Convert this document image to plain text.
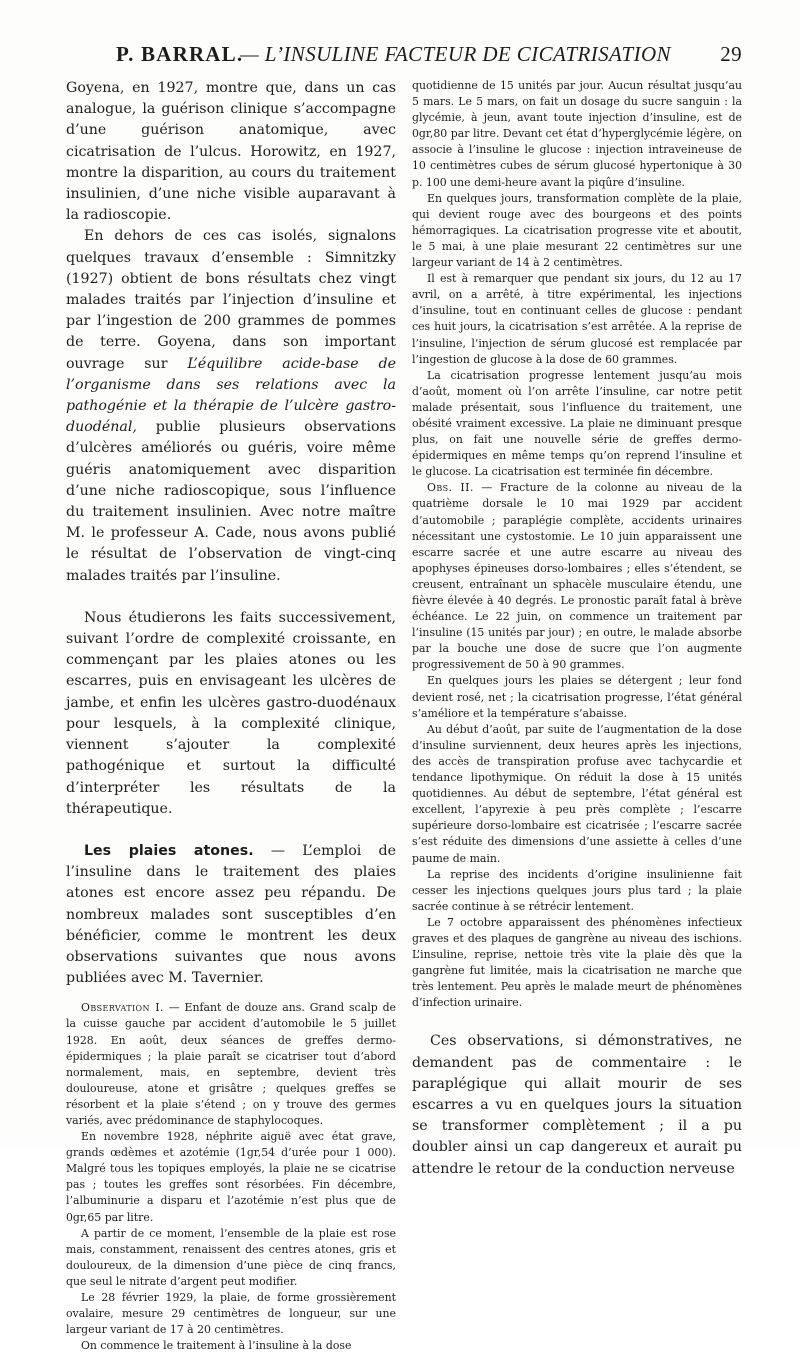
P. BARRAL.
— L’INSULINE FACTEUR DE CICATRISATION 29

Goyena, en 1927, montre que, dans un cas analogue, la guérison clinique s’accompagne d’une guérison anatomique, avec cicatrisation de l’ulcus. Horowitz, en 1927, montre la disparition, au cours du traitement insulinien, d’une niche visible auparavant à la radioscopie.

En dehors de ces cas isolés, signalons quelques travaux d’ensemble : Simnitzky (1927) obtient de bons résultats chez vingt malades traités par l’injection d’insuline et par l’ingestion de 200 grammes de pommes de terre. Goyena, dans son important ouvrage sur L’équilibre acide-base de l’organisme dans ses relations avec la pathogénie et la thérapie de l’ulcère gastro-duodénal, publie plusieurs observations d’ulcères améliorés ou guéris, voire même guéris anatomiquement avec disparition d’une niche radioscopique, sous l’influence du traitement insulinien. Avec notre maître M. le professeur A. Cade, nous avons publié le résultat de l’observation de vingt-cinq malades traités par l’insuline.

Nous étudierons les faits successivement, suivant l’ordre de complexité croissante, en commençant par les plaies atones ou les escarres, puis en envisageant les ulcères de jambe, et enfin les ulcères gastro-duodénaux pour lesquels, à la complexité clinique, viennent s’ajouter la complexité pathogénique et surtout la difficulté d’interpréter les résultats de la thérapeutique.

Les plaies atones. — L’emploi de l’insuline dans le traitement des plaies atones est encore assez peu répandu. De nombreux malades sont susceptibles d’en bénéficier, comme le montrent les deux observations suivantes que nous avons publiées avec M. Tavernier.

Observation I. — Enfant de douze ans. Grand scalp de la cuisse gauche par accident d’automobile le 5 juillet 1928. En août, deux séances de greffes dermo-épidermiques ; la plaie paraît se cicatriser tout d’abord normalement, mais, en septembre, devient très douloureuse, atone et grisâtre ; quelques greffes se résorbent et la plaie s’étend ; on y trouve des germes variés, avec prédominance de staphylocoques.

En novembre 1928, néphrite aiguë avec état grave, grands œdèmes et azotémie (1gr,54 d’urée pour 1 000). Malgré tous les topiques employés, la plaie ne se cicatrise pas ; toutes les greffes sont résorbées. Fin décembre, l’albuminurie a disparu et l’azotémie n’est plus que de 0gr,65 par litre.

A partir de ce moment, l’ensemble de la plaie est rose mais, constamment, renaissent des centres atones, gris et douloureux, de la dimension d’une pièce de cinq francs, que seul le nitrate d’argent peut modifier.

Le 28 février 1929, la plaie, de forme grossièrement ovalaire, mesure 29 centimètres de longueur, sur une largeur variant de 17 à 20 centimètres.

On commence le traitement à l’insuline à la dose

quotidienne de 15 unités par jour. Aucun résultat jusqu’au 5 mars. Le 5 mars, on fait un dosage du sucre sanguin : la glycémie, à jeun, avant toute injection d’insuline, est de 0gr,80 par litre. Devant cet état d’hyperglycémie légère, on associe à l’insuline le glucose : injection intraveineuse de 10 centimètres cubes de sérum glucosé hypertonique à 30 p. 100 une demi-heure avant la piqûre d’insuline.

En quelques jours, transformation complète de la plaie, qui devient rouge avec des bourgeons et des points hémorragiques. La cicatrisation progresse vite et aboutit, le 5 mai, à une plaie mesurant 22 centimètres sur une largeur variant de 14 à 2 centimètres.

Il est à remarquer que pendant six jours, du 12 au 17 avril, on a arrêté, à titre expérimental, les injections d’insuline, tout en continuant celles de glucose : pendant ces huit jours, la cicatrisation s’est arrêtée. A la reprise de l’insuline, l’injection de sérum glucosé est remplacée par l’ingestion de glucose à la dose de 60 grammes.

La cicatrisation progresse lentement jusqu’au mois d’août, moment où l’on arrête l’insuline, car notre petit malade présentait, sous l’influence du traitement, une obésité vraiment excessive. La plaie ne diminuant presque plus, on fait une nouvelle série de greffes dermo-épidermiques en même temps qu’on reprend l’insuline et le glucose. La cicatrisation est terminée fin décembre.

Obs. II. — Fracture de la colonne au niveau de la quatrième dorsale le 10 mai 1929 par accident d’automobile ; paraplégie complète, accidents urinaires nécessitant une cystostomie. Le 10 juin apparaissent une escarre sacrée et une autre escarre au niveau des apophyses épineuses dorso-lombaires ; elles s’étendent, se creusent, entraînant un sphacèle musculaire étendu, une fièvre élevée à 40 degrés. Le pronostic paraît fatal à brève échéance. Le 22 juin, on commence un traitement par l’insuline (15 unités par jour) ; en outre, le malade absorbe par la bouche une dose de sucre que l’on augmente progressivement de 50 à 90 grammes.

En quelques jours les plaies se détergent ; leur fond devient rosé, net ; la cicatrisation progresse, l’état général s’améliore et la température s’abaisse.

Au début d’août, par suite de l’augmentation de la dose d’insuline surviennent, deux heures après les injections, des accès de transpiration profuse avec tachycardie et tendance lipothymique. On réduit la dose à 15 unités quotidiennes. Au début de septembre, l’état général est excellent, l’apyrexie à peu près complète ; l’escarre supérieure dorso-lombaire est cicatrisée ; l’escarre sacrée s’est réduite des dimensions d’une assiette à celles d’une paume de main.

La reprise des incidents d’origine insulinienne fait cesser les injections quelques jours plus tard ; la plaie sacrée continue à se rétrécir lentement.

Le 7 octobre apparaissent des phénomènes infectieux graves et des plaques de gangrène au niveau des ischions. L’insuline, reprise, nettoie très vite la plaie dès que la gangrène fut limitée, mais la cicatrisation ne marche que très lentement. Peu après le malade meurt de phénomènes d’infection urinaire.

Ces observations, si démonstratives, ne demandent pas de commentaire : le paraplégique qui allait mourir de ses escarres a vu en quelques jours la situation se transformer complètement ; il a pu doubler ainsi un cap dangereux et aurait pu attendre le retour de la conduction nerveuse
